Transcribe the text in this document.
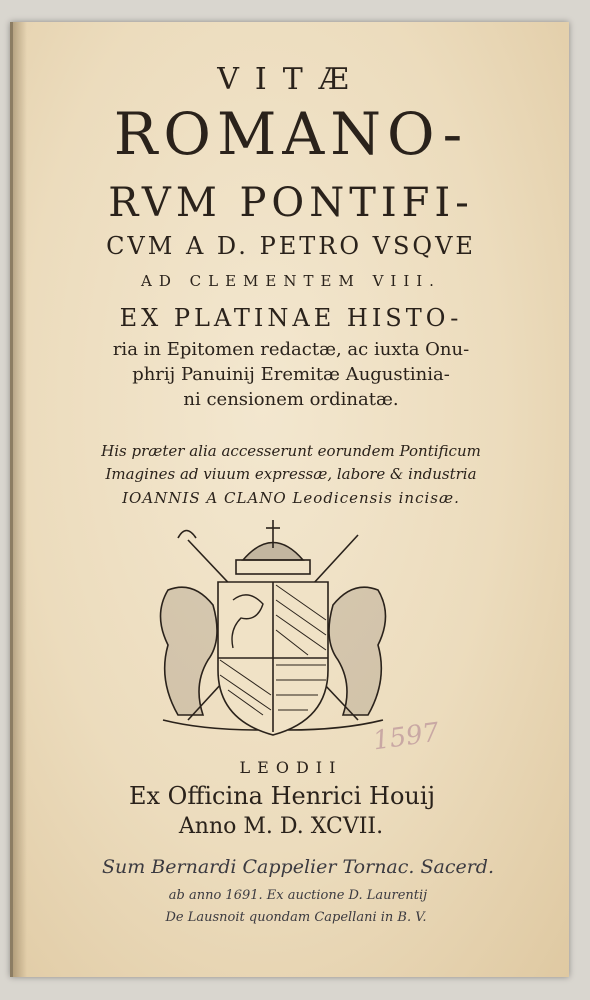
VITÆ
ROMANO-
RVM PONTIFI-
CVM A D. PETRO VSQVE
AD CLEMENTEM VIII.
EX PLATINAE HISTO-
ria in Epitomen redactæ, ac iuxta Onu-
phrij Panuinij Eremitæ Augustinia-
ni censionem ordinatæ.
His præter alia accesserunt eorundem Pontificum
Imagines ad viuum expressæ, labore & industria
IOANNIS A CLANO Leodicensis incisæ.
1597
LEODII
Ex Officina Henrici Houij
Anno M. D. XCVII.
Sum Bernardi Cappelier Tornac. Sacerd.
ab anno 1691. Ex auctione D. Laurentij
De Lausnoit quondam Capellani in B. V.
